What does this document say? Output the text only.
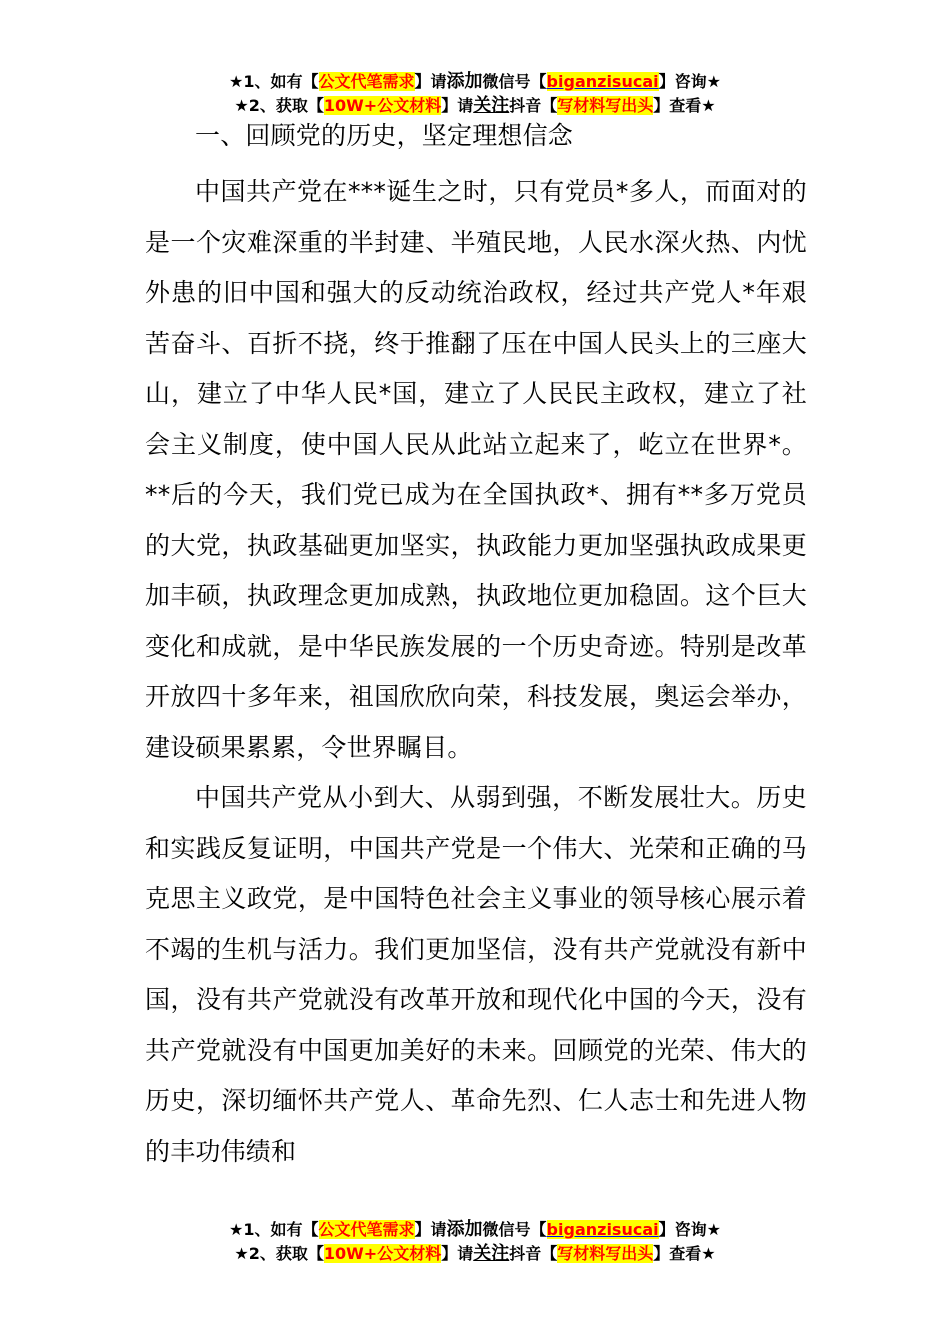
★1、如有【公文代笔需求】请添加微信号【biganzisucai】咨询★
★2、获取【10W+公文材料】请关注抖音【写材料写出头】查看★
一、回顾党的历史，坚定理想信念

中国共产党在***诞生之时，只有党员*多人，而面对的是一个灾难深重的半封建、半殖民地，人民水深火热、内忧外患的旧中国和强大的反动统治政权，经过共产党人*年艰苦奋斗、百折不挠，终于推翻了压在中国人民头上的三座大山，建立了中华人民*国，建立了人民民主政权，建立了社会主义制度，使中国人民从此站立起来了，屹立在世界*。**后的今天，我们党已成为在全国执政*、拥有**多万党员的大党，执政基础更加坚实，执政能力更加坚强执政成果更加丰硕，执政理念更加成熟，执政地位更加稳固。这个巨大变化和成就，是中华民族发展的一个历史奇迹。特别是改革开放四十多年来，祖国欣欣向荣，科技发展，奥运会举办，建设硕果累累，令世界瞩目。

中国共产党从小到大、从弱到强，不断发展壮大。历史和实践反复证明，中国共产党是一个伟大、光荣和正确的马克思主义政党，是中国特色社会主义事业的领导核心展示着不竭的生机与活力。我们更加坚信，没有共产党就没有新中国，没有共产党就没有改革开放和现代化中国的今天，没有共产党就没有中国更加美好的未来。回顾党的光荣、伟大的历史，深切缅怀共产党人、革命先烈、仁人志士和先进人物的丰功伟绩和

★1、如有【公文代笔需求】请添加微信号【biganzisucai】咨询★
★2、获取【10W+公文材料】请关注抖音【写材料写出头】查看★
